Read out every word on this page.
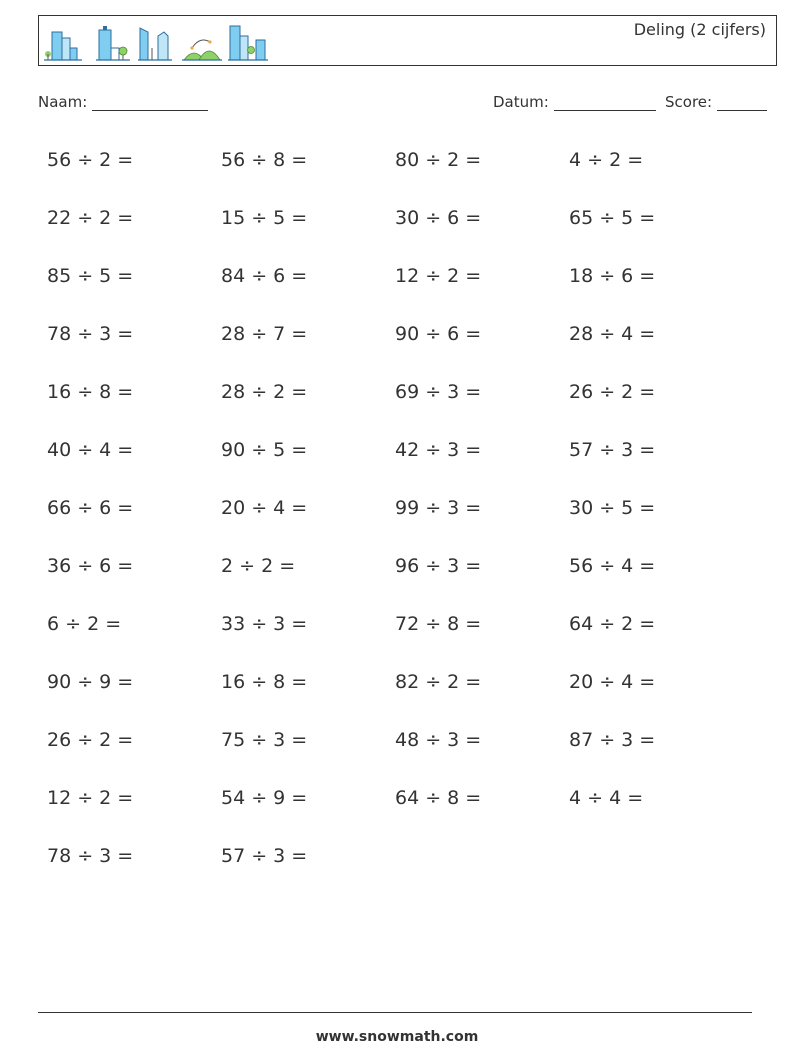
Deling (2 cijfers)
Naam:	Datum:	Score:
56 ÷ 2 =	56 ÷ 8 =	80 ÷ 2 =	4 ÷ 2 =
22 ÷ 2 =	15 ÷ 5 =	30 ÷ 6 =	65 ÷ 5 =
85 ÷ 5 =	84 ÷ 6 =	12 ÷ 2 =	18 ÷ 6 =
78 ÷ 3 =	28 ÷ 7 =	90 ÷ 6 =	28 ÷ 4 =
16 ÷ 8 =	28 ÷ 2 =	69 ÷ 3 =	26 ÷ 2 =
40 ÷ 4 =	90 ÷ 5 =	42 ÷ 3 =	57 ÷ 3 =
66 ÷ 6 =	20 ÷ 4 =	99 ÷ 3 =	30 ÷ 5 =
36 ÷ 6 =	2 ÷ 2 =	96 ÷ 3 =	56 ÷ 4 =
6 ÷ 2 =	33 ÷ 3 =	72 ÷ 8 =	64 ÷ 2 =
90 ÷ 9 =	16 ÷ 8 =	82 ÷ 2 =	20 ÷ 4 =
26 ÷ 2 =	75 ÷ 3 =	48 ÷ 3 =	87 ÷ 3 =
12 ÷ 2 =	54 ÷ 9 =	64 ÷ 8 =	4 ÷ 4 =
78 ÷ 3 =	57 ÷ 3 =
www.snowmath.com
